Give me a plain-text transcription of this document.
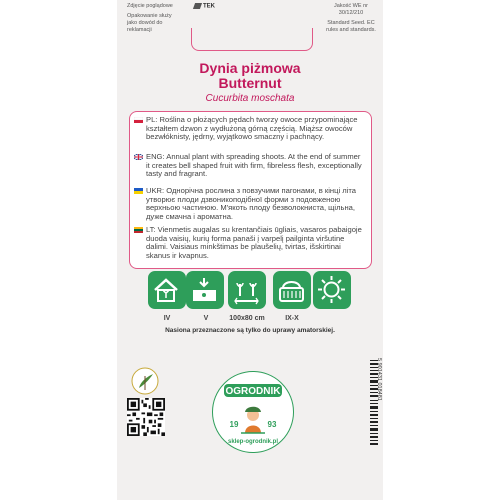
Zdjęcie poglądowe
Opakowanie służy jako dowód do reklamacji
TEK	Jakość WE nr 30/12/210
Standard Seed. EC rules and standards.
Dynia piżmowa
Butternut
Cucurbita moschata
PL: Roślina o płożących pędach tworzy owoce przypominające kształtem dzwon z wydłużoną górną częścią. Miąższ owoców bezwłóknisty, jędrny, wyjątkowo smaczny i pachnący.
ENG: Annual plant with spreading shoots. At the end of summer it creates bell shaped fruit with firm, fibreless flesh, exceptionally tasty and fragrant.
UKR: Однорічна рослина з повзучими пагонами, в кінці літа утворює плоди дзвоникоподібної форми з подовженою верхньою частиною. М'якоть плоду безволокниста, щільна, дуже смачна і ароматна.
LT: Vienmetis augalas su krentančiais ūgliais, vasaros pabaigoje duoda vaisių, kurių forma panaši į varpelį pailginta viršutine dalimi. Vaisiaus minkštimas be plaušelių, tvirtas, išskirtinai skanus ir kvapnus.
IV	V	100x80 cm	IX-X
Nasiona przeznaczone są tylko do uprawy amatorskiej.
OGRODNIK
19	93
sklep-ogrodnik.pl
5 901431 018481
